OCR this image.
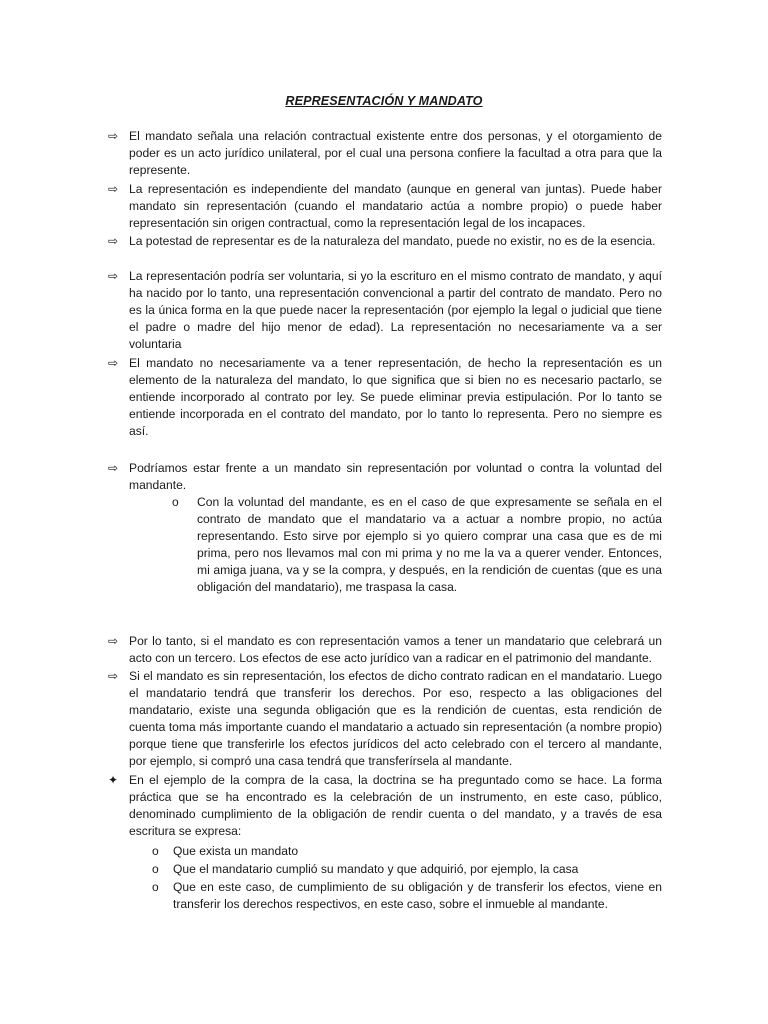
REPRESENTACIÓN Y MANDATO
⇨ El mandato señala una relación contractual existente entre dos personas, y el otorgamiento de poder es un acto jurídico unilateral, por el cual una persona confiere la facultad a otra para que la represente.
⇨ La representación es independiente del mandato (aunque en general van juntas). Puede haber mandato sin representación (cuando el mandatario actúa a nombre propio) o puede haber representación sin origen contractual, como la representación legal de los incapaces.
⇨ La potestad de representar es de la naturaleza del mandato, puede no existir, no es de la esencia.
⇨ La representación podría ser voluntaria, si yo la escrituro en el mismo contrato de mandato, y aquí ha nacido por lo tanto, una representación convencional a partir del contrato de mandato. Pero no es la única forma en la que puede nacer la representación (por ejemplo la legal o judicial que tiene el padre o madre del hijo menor de edad). La representación no necesariamente va a ser voluntaria
⇨ El mandato no necesariamente va a tener representación, de hecho la representación es un elemento de la naturaleza del mandato, lo que significa que si bien no es necesario pactarlo, se entiende incorporado al contrato por ley. Se puede eliminar previa estipulación. Por lo tanto se entiende incorporada en el contrato del mandato, por lo tanto lo representa. Pero no siempre es así.
⇨ Podríamos estar frente a un mandato sin representación por voluntad o contra la voluntad del mandante.
o Con la voluntad del mandante, es en el caso de que expresamente se señala en el contrato de mandato que el mandatario va a actuar a nombre propio, no actúa representando. Esto sirve por ejemplo si yo quiero comprar una casa que es de mi prima, pero nos llevamos mal con mi prima y no me la va a querer vender. Entonces, mi amiga juana, va y se la compra, y después, en la rendición de cuentas (que es una obligación del mandatario), me traspasa la casa.
⇨ Por lo tanto, si el mandato es con representación vamos a tener un mandatario que celebrará un acto con un tercero. Los efectos de ese acto jurídico van a radicar en el patrimonio del mandante.
⇨ Si el mandato es sin representación, los efectos de dicho contrato radican en el mandatario. Luego el mandatario tendrá que transferir los derechos. Por eso, respecto a las obligaciones del mandatario, existe una segunda obligación que es la rendición de cuentas, esta rendición de cuenta toma más importante cuando el mandatario a actuado sin representación (a nombre propio) porque tiene que transferirle los efectos jurídicos del acto celebrado con el tercero al mandante, por ejemplo, si compró una casa tendrá que transferírsela al mandante.
✦ En el ejemplo de la compra de la casa, la doctrina se ha preguntado como se hace. La forma práctica que se ha encontrado es la celebración de un instrumento, en este caso, público, denominado cumplimiento de la obligación de rendir cuenta o del mandato, y a través de esa escritura se expresa:
o Que exista un mandato
o Que el mandatario cumplió su mandato y que adquirió, por ejemplo, la casa
o Que en este caso, de cumplimiento de su obligación y de transferir los efectos, viene en transferir los derechos respectivos, en este caso, sobre el inmueble al mandante.
